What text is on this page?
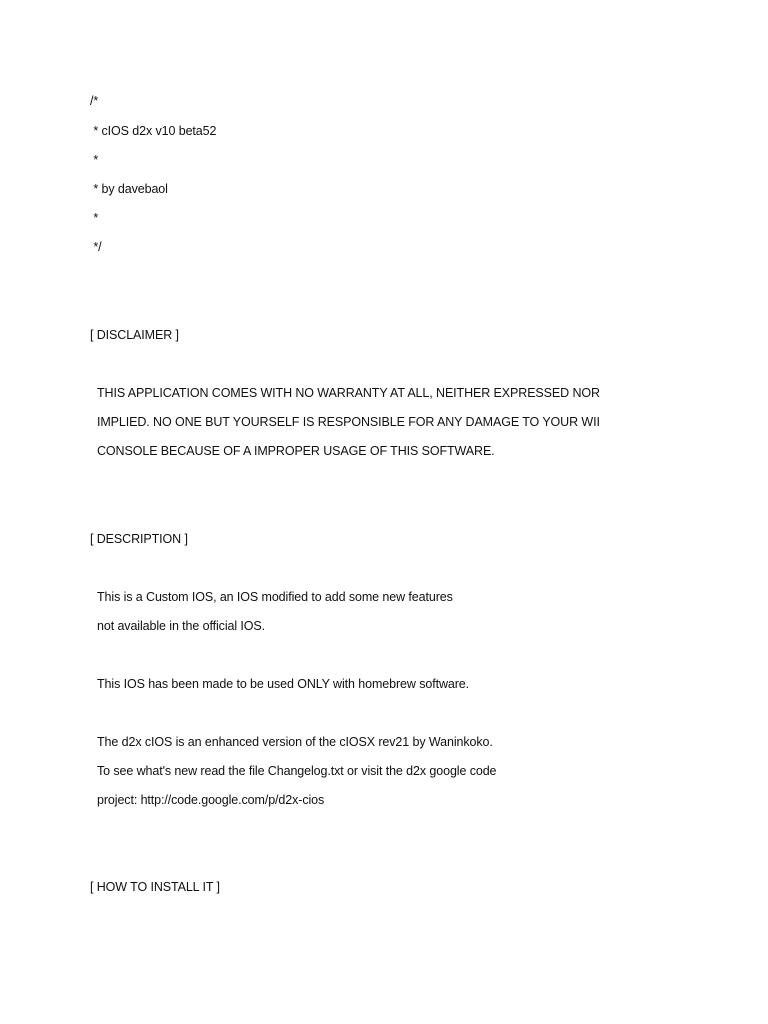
/*
* cIOS d2x v10 beta52
*
* by davebaol
*
*/
[ DISCLAIMER ]
THIS APPLICATION COMES WITH NO WARRANTY AT ALL, NEITHER EXPRESSED NOR
IMPLIED. NO ONE BUT YOURSELF IS RESPONSIBLE FOR ANY DAMAGE TO YOUR WII
CONSOLE BECAUSE OF A IMPROPER USAGE OF THIS SOFTWARE.
[ DESCRIPTION ]
This is a Custom IOS, an IOS modified to add some new features
not available in the official IOS.
This IOS has been made to be used ONLY with homebrew software.
The d2x cIOS is an enhanced version of the cIOSX rev21 by Waninkoko.
To see what's new read the file Changelog.txt or visit the d2x google code
project: http://code.google.com/p/d2x-cios
[ HOW TO INSTALL IT ]
